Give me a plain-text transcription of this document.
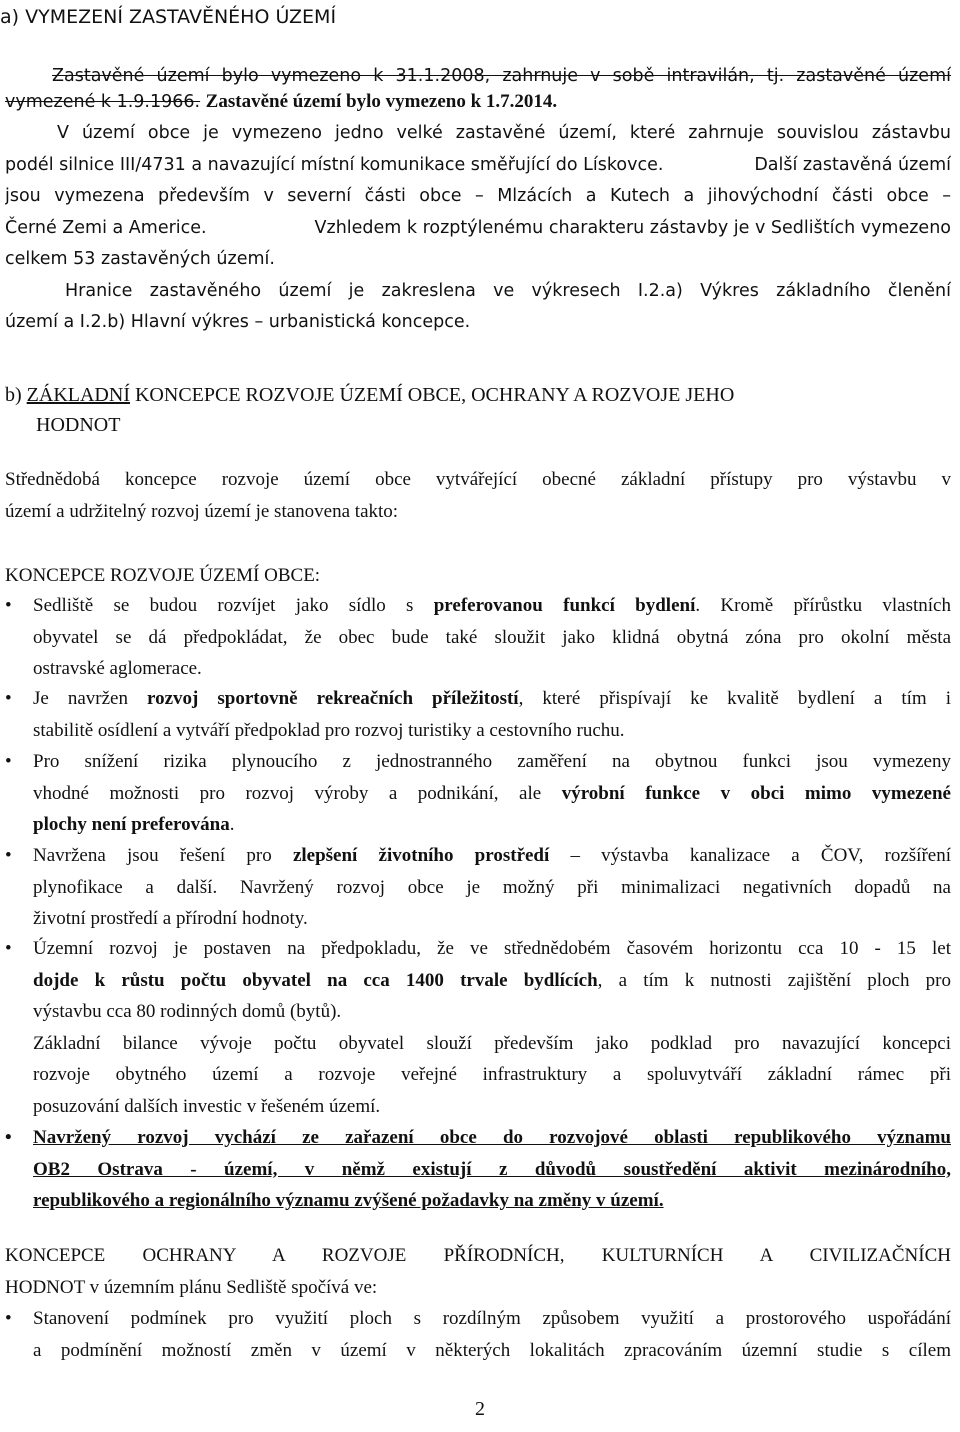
a) VYMEZENÍ ZASTAVĚNÉHO ÚZEMÍ
Zastavěné území bylo vymezeno k 31.1.2008, zahrnuje v sobě intravilán, tj. zastavěné území
vymezené k 1.9.1966. Zastavěné území bylo vymezeno k 1.7.2014.
V území obce je vymezeno jedno velké zastavěné území, které zahrnuje souvislou zástavbu
podél silnice III/4731 a navazující místní komunikace směřující do Lískovce.	Další zastavěná území
jsou vymezena především v severní části obce – Mlzácích a Kutech a jihovýchodní části obce –
Černé Zemi a Americe.	Vzhledem k rozptýlenému charakteru zástavby je v Sedlištích vymezeno
celkem 53 zastavěných území.
Hranice zastavěného území je zakreslena ve výkresech I.2.a) Výkres základního členění
území a I.2.b) Hlavní výkres – urbanistická koncepce.
b) ZÁKLADNÍ KONCEPCE ROZVOJE ÚZEMÍ OBCE, OCHRANY A ROZVOJE JEHO
HODNOT
Střednědobá koncepce rozvoje území obce vytvářející obecné základní přístupy pro výstavbu v
území a udržitelný rozvoj území je stanovena takto:
KONCEPCE ROZVOJE ÚZEMÍ OBCE:
•	Sedliště se budou rozvíjet jako sídlo s preferovanou funkcí bydlení. Kromě přírůstku vlastních
obyvatel se dá předpokládat, že obec bude také sloužit jako klidná obytná zóna pro okolní města
ostravské aglomerace.
•	Je navržen rozvoj sportovně rekreačních příležitostí, které přispívají ke kvalitě bydlení a tím i
stabilitě osídlení a vytváří předpoklad pro rozvoj turistiky a cestovního ruchu.
•	Pro snížení rizika plynoucího z jednostranného zaměření na obytnou funkci jsou vymezeny
vhodné možnosti pro rozvoj výroby a podnikání, ale výrobní funkce v obci mimo vymezené
plochy není preferována.
•	Navržena jsou řešení pro zlepšení životního prostředí – výstavba kanalizace a ČOV, rozšíření
plynofikace a další. Navržený rozvoj obce je možný při minimalizaci negativních dopadů na
životní prostředí a přírodní hodnoty.
•	Územní rozvoj je postaven na předpokladu, že ve střednědobém časovém horizontu cca 10 - 15 let
dojde k růstu počtu obyvatel na cca 1400 trvale bydlících, a tím k nutnosti zajištění ploch pro
výstavbu cca 80 rodinných domů (bytů).
Základní bilance vývoje počtu obyvatel slouží především jako podklad pro navazující koncepci
rozvoje obytného území a rozvoje veřejné infrastruktury a spoluvytváří základní rámec při
posuzování dalších investic v řešeném území.
•	Navržený rozvoj vychází ze zařazení obce do rozvojové oblasti republikového významu
OB2 Ostrava - území, v němž existují z důvodů soustředění aktivit mezinárodního,
republikového a regionálního významu zvýšené požadavky na změny v území.
KONCEPCE OCHRANY A ROZVOJE PŘÍRODNÍCH, KULTURNÍCH A CIVILIZAČNÍCH
HODNOT v územním plánu Sedliště spočívá ve:
•	Stanovení podmínek pro využití ploch s rozdílným způsobem využití a prostorového uspořádání
a podmínění možností změn v území v některých lokalitách zpracováním územní studie s cílem
2
